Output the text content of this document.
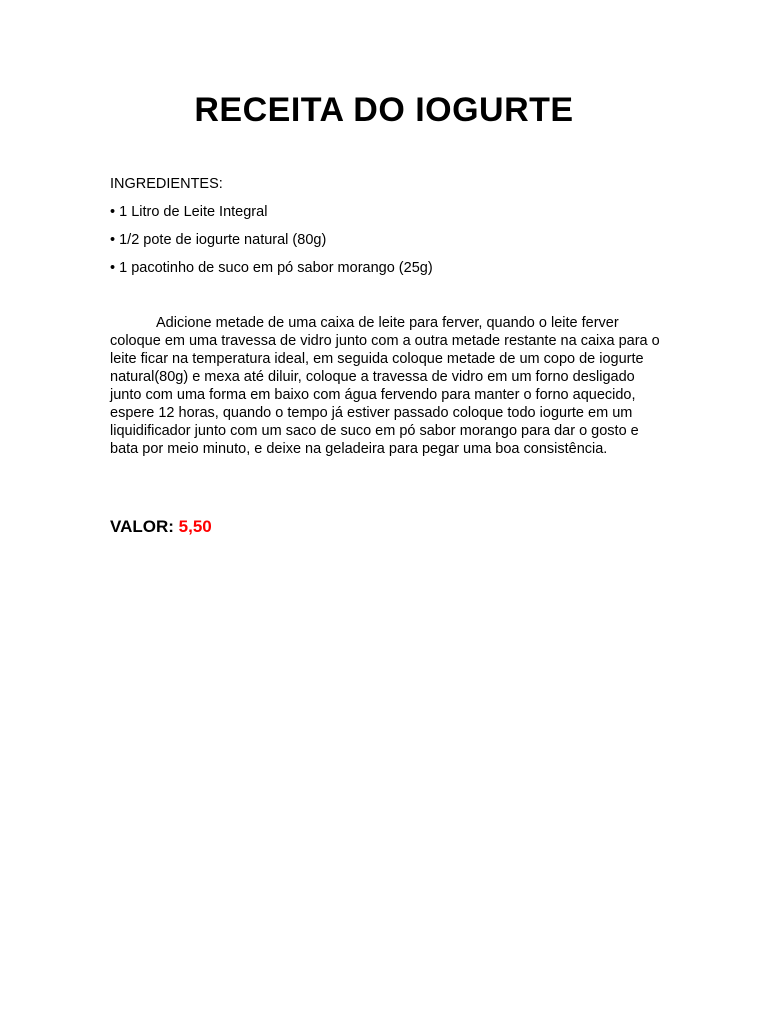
RECEITA DO IOGURTE
INGREDIENTES:
• 1 Litro de Leite Integral
• 1/2 pote de iogurte natural (80g)
• 1 pacotinho de suco em pó sabor morango (25g)

Adicione metade de uma caixa de leite para ferver, quando o leite ferver coloque em uma travessa de vidro junto com a outra metade restante na caixa para o leite ficar na temperatura ideal, em seguida coloque metade de um copo de iogurte natural(80g) e mexa até diluir, coloque a travessa de vidro em um forno desligado junto com uma forma em baixo com água fervendo para manter o forno aquecido, espere 12 horas, quando o tempo já estiver passado coloque todo iogurte em um liquidificador junto com um saco de suco em pó sabor morango para dar o gosto e bata por meio minuto, e deixe na geladeira para pegar uma boa consistência.

VALOR: 5,50
